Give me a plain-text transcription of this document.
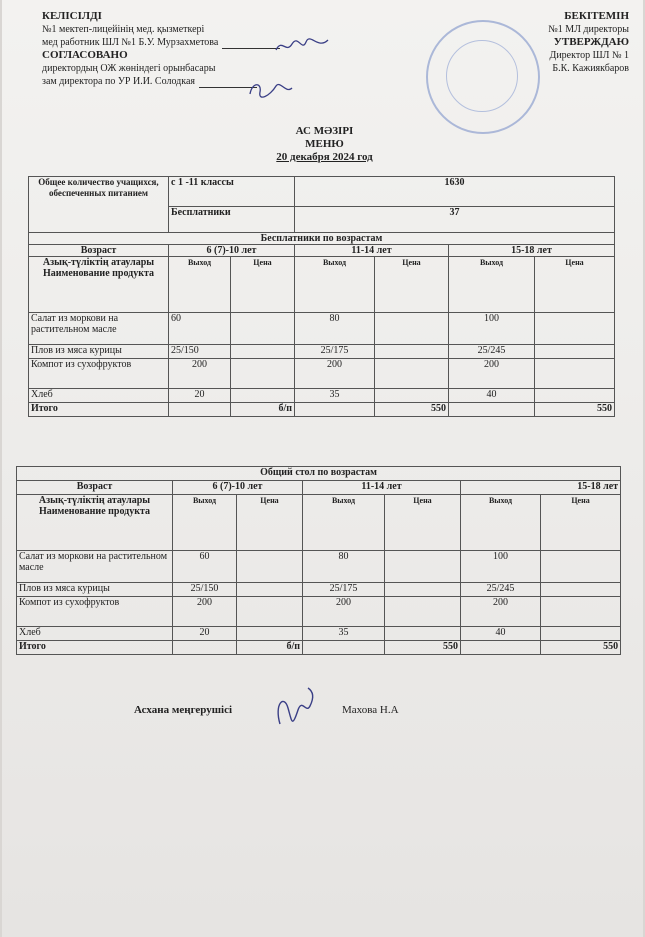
КЕЛІСІЛДІ
№1 мектеп-лицейінің мед. қызметкері
мед работник ШЛ №1 Б.У. Мурзахметова
СОГЛАСОВАНО
директордың ОЖ жөніндегі орынбасары
зам директора по УР И.И. Солодкая
БЕКІТЕМІН
№1 МЛ директоры
УТВЕРЖДАЮ
Директор ШЛ № 1
Б.К. Кажиякбаров
АС МӘЗІРІ
МЕНЮ
20 декабря 2024 год
Общее количество учащихся, обеспеченных питанием	с 1 -11 классы		1630			
	Бесплатники		37			
Бесплатники по возрастам						
Возраст	6 (7)-10 лет		11-14 лет		15-18 лет	
Азық-түліктің атаулары Наименование продукта	Выход	Цена	Выход	Цена	Выход	Цена
Салат из моркови на растительном масле	60		80		100	
Плов из мяса курицы	25/150		25/175		25/245	
Компот из сухофруктов	200		200		200	
Хлеб	20		35		40	
Итого		б/п		550		550
Общий стол по возрастам						
Возраст	6 (7)-10 лет		11-14 лет		15-18 лет	
Азық-түліктің атаулары Наименование продукта	Выход	Цена	Выход	Цена	Выход	Цена
Салат из моркови на растительном масле	60		80		100	
Плов из мяса курицы	25/150		25/175		25/245	
Компот из сухофруктов	200		200		200	
Хлеб	20		35		40	
Итого		б/п		550		550
Асхана меңгерушісі	Махова Н.А
